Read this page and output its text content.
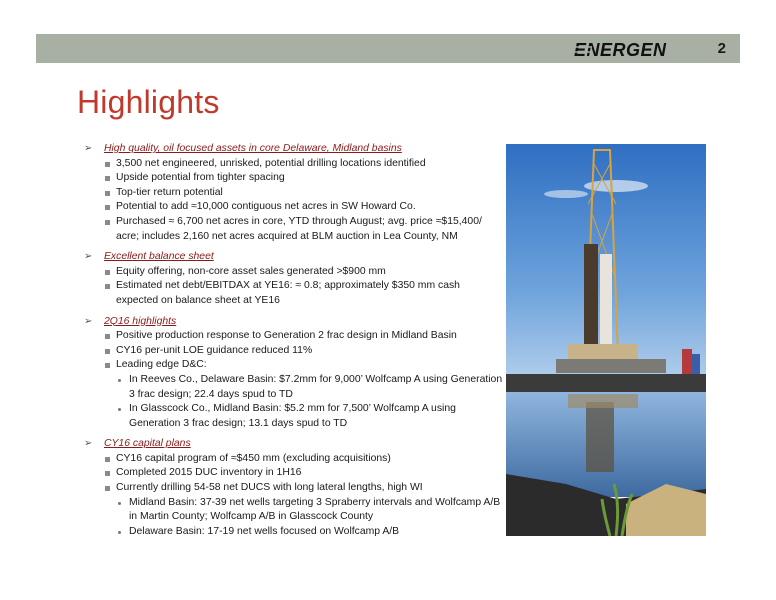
ENERGEN	2
Highlights
➢	High quality, oil focused assets in core Delaware, Midland basins
3,500 net engineered, unrisked, potential drilling locations identified
Upside potential from tighter spacing
Top-tier return potential
Potential to add ≈10,000 contiguous net acres in SW Howard Co.
Purchased ≈ 6,700 net acres in core, YTD through August; avg. price ≈$15,400/ acre; includes 2,160 net acres acquired at BLM auction in Lea County, NM
➢	Excellent balance sheet
Equity offering, non-core asset sales generated >$900 mm
Estimated net debt/EBITDAX at YE16: ≈ 0.8; approximately $350 mm cash expected on balance sheet at YE16
➢	2Q16 highlights
Positive production response to Generation 2 frac design in Midland Basin
CY16 per-unit LOE guidance reduced 11%
Leading edge D&C:
In Reeves Co., Delaware Basin: $7.2mm for 9,000’ Wolfcamp A using Generation 3 frac design; 22.4 days spud to TD
In Glasscock Co., Midland Basin: $5.2 mm for 7,500’ Wolfcamp A using Generation 3 frac design; 13.1 days spud to TD
➢	CY16 capital plans
CY16 capital program of ≈$450 mm (excluding acquisitions)
Completed 2015 DUC inventory in 1H16
Currently drilling 54-58 net DUCS with long lateral lengths, high WI
Midland Basin: 37-39 net wells targeting 3 Spraberry intervals and Wolfcamp A/B in Martin County; Wolfcamp A/B in Glasscock County
Delaware Basin: 17-19 net wells focused on Wolfcamp A/B
